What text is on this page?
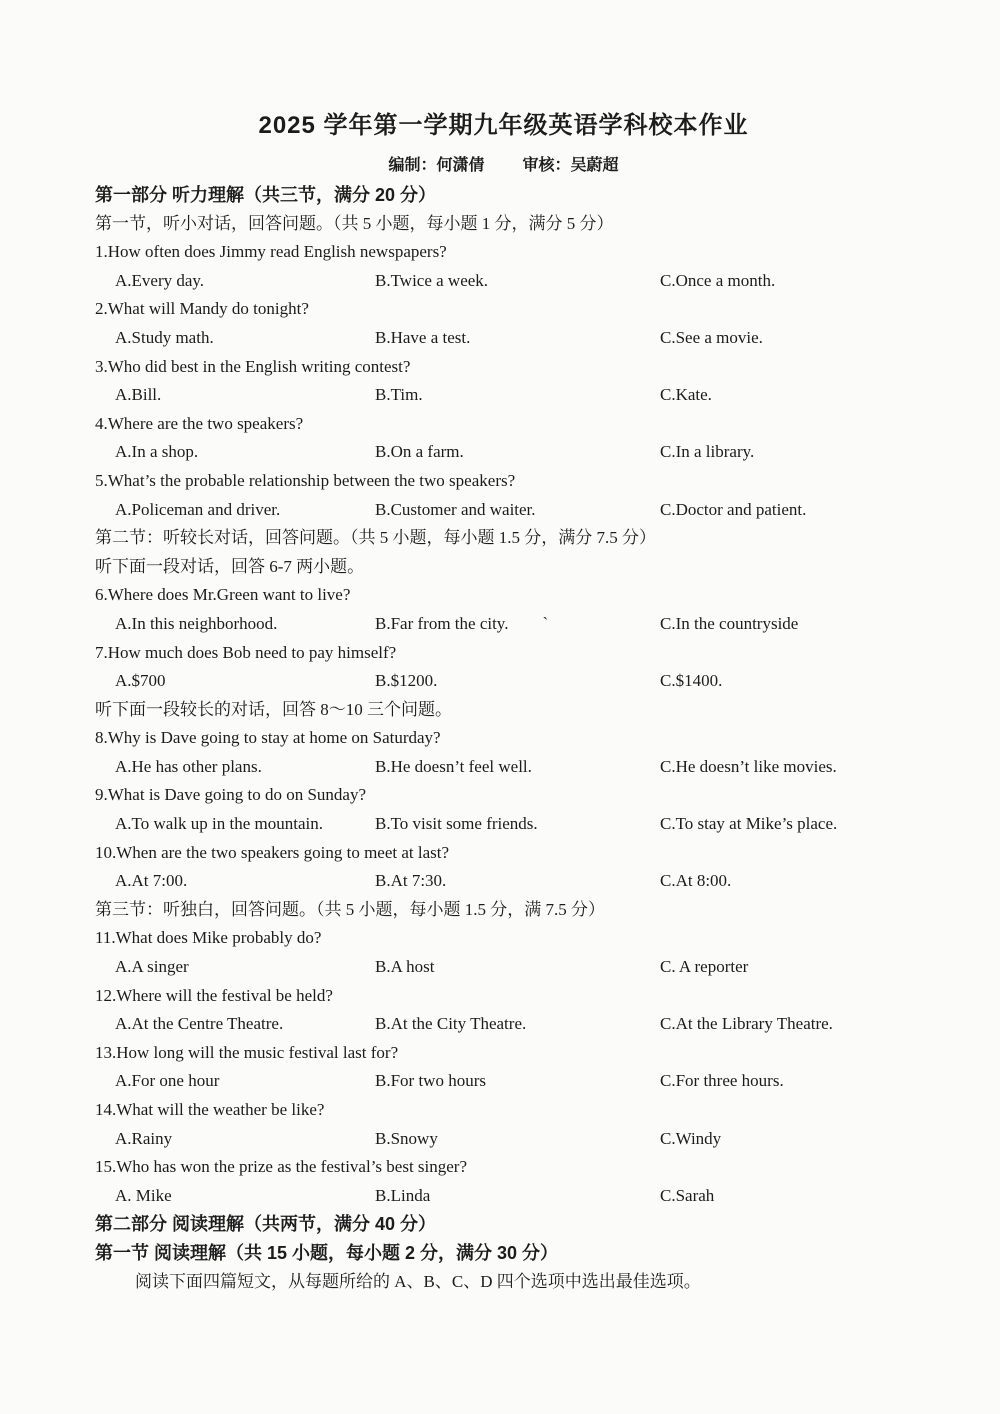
2025 学年第一学期九年级英语学科校本作业
编制：何潇倩 审核：吴蔚超
第一部分 听力理解（共三节，满分 20 分）
第一节，听小对话，回答问题。（共 5 小题，每小题 1 分，满分 5 分）
1.How often does Jimmy read English newspapers?
A.Every day.	B.Twice a week.	C.Once a month.
2.What will Mandy do tonight?
A.Study math.	B.Have a test.	C.See a movie.
3.Who did best in the English writing contest?
A.Bill.	B.Tim.	C.Kate.
4.Where are the two speakers?
A.In a shop.	B.On a farm.	C.In a library.
5.What’s the probable relationship between the two speakers?
A.Policeman and driver.	B.Customer and waiter.	C.Doctor and patient.
第二节：听较长对话，回答问题。（共 5 小题，每小题 1.5 分，满分 7.5 分）
听下面一段对话，回答 6-7 两小题。
6.Where does Mr.Green want to live?
A.In this neighborhood.	B.Far from the city.        `	C.In the countryside
7.How much does Bob need to pay himself?
A.$700	B.$1200.	C.$1400.
听下面一段较长的对话，回答 8～10 三个问题。
8.Why is Dave going to stay at home on Saturday?
A.He has other plans.	B.He doesn’t feel well.	C.He doesn’t like movies.
9.What is Dave going to do on Sunday?
A.To walk up in the mountain.	B.To visit some friends.	C.To stay at Mike’s place.
10.When are the two speakers going to meet at last?
A.At 7:00.	B.At 7:30.	C.At 8:00.
第三节：听独白，回答问题。（共 5 小题，每小题 1.5 分，满 7.5 分）
11.What does Mike probably do?
A.A singer	B.A host	C. A reporter
12.Where will the festival be held?
A.At the Centre Theatre.	B.At the City Theatre.	C.At the Library Theatre.
13.How long will the music festival last for?
A.For one hour	B.For two hours	C.For three hours.
14.What will the weather be like?
A.Rainy	B.Snowy	C.Windy
15.Who has won the prize as the festival’s best singer?
A. Mike	B.Linda	C.Sarah
第二部分 阅读理解（共两节，满分 40 分）
第一节 阅读理解（共 15 小题，每小题 2 分，满分 30 分）
阅读下面四篇短文，从每题所给的 A、B、C、D 四个选项中选出最佳选项。
